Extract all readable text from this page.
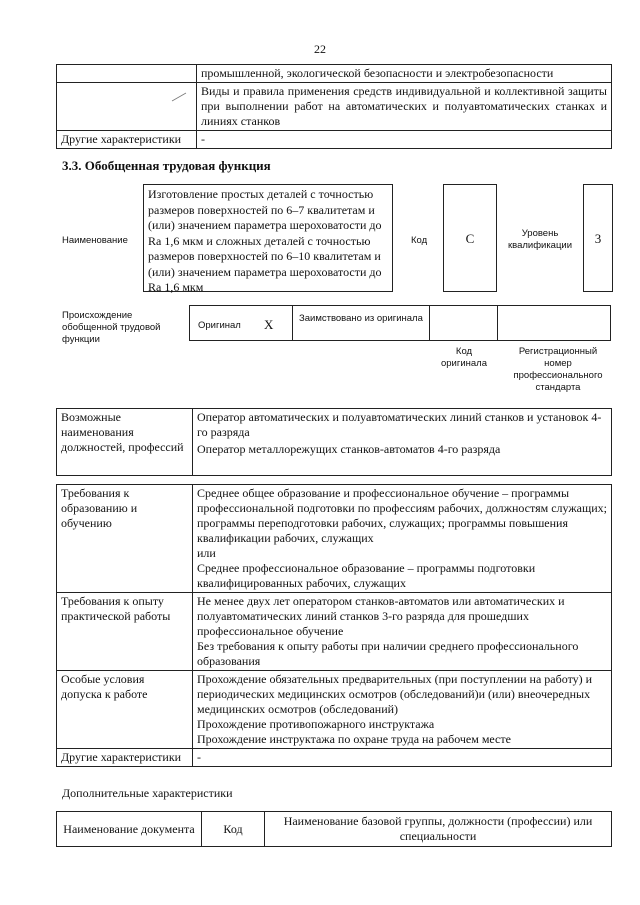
22
	промышленной, экологической безопасности и электробезопасности
	Виды и правила применения средств индивидуальной и коллективной защиты при выполнении работ на автоматических и полуавтоматических станках и линиях станков
Другие характеристики	-
3.3. Обобщенная трудовая функция
Наименование
Изготовление простых деталей с точностью размеров поверхностей по 6–7 квалитетам и (или) значением параметра шероховатости до Ra 1,6 мкм и сложных деталей с точностью размеров поверхностей по 6–10 квалитетам и (или) значением параметра шероховатости до Ra 1,6 мкм
Код	C	Уровень квалификации	3
Происхождение обобщенной трудовой функции
Оригинал X	Заимствовано из оригинала
Код оригинала
Регистрационный номер профессионального стандарта
Возможные наименования должностей, профессий	Оператор автоматических и полуавтоматических линий станков и установок 4-го разряда
Оператор металлорежущих станков-автоматов 4-го разряда
Требования к образованию и обучению	Среднее общее образование и профессиональное обучение – программы профессиональной подготовки по профессиям рабочих, должностям служащих; программы переподготовки рабочих, служащих; программы повышения квалификации рабочих, служащих
или
Среднее профессиональное образование – программы подготовки квалифицированных рабочих, служащих

Требования к опыту практической работы	Не менее двух лет оператором станков-автоматов или автоматических и полуавтоматических линий станков 3-го разряда для прошедших профессиональное обучение
Без требования к опыту работы при наличии среднего профессионального образования

Особые условия допуска к работе	Прохождение обязательных предварительных (при поступлении на работу) и периодических медицинских осмотров (обследований)и (или) внеочередных медицинских осмотров (обследований)
Прохождение противопожарного инструктажа
Прохождение инструктажа по охране труда на рабочем месте

Другие характеристики	-
Дополнительные характеристики
Наименование документа	Код	Наименование базовой группы, должности (профессии) или специальности
